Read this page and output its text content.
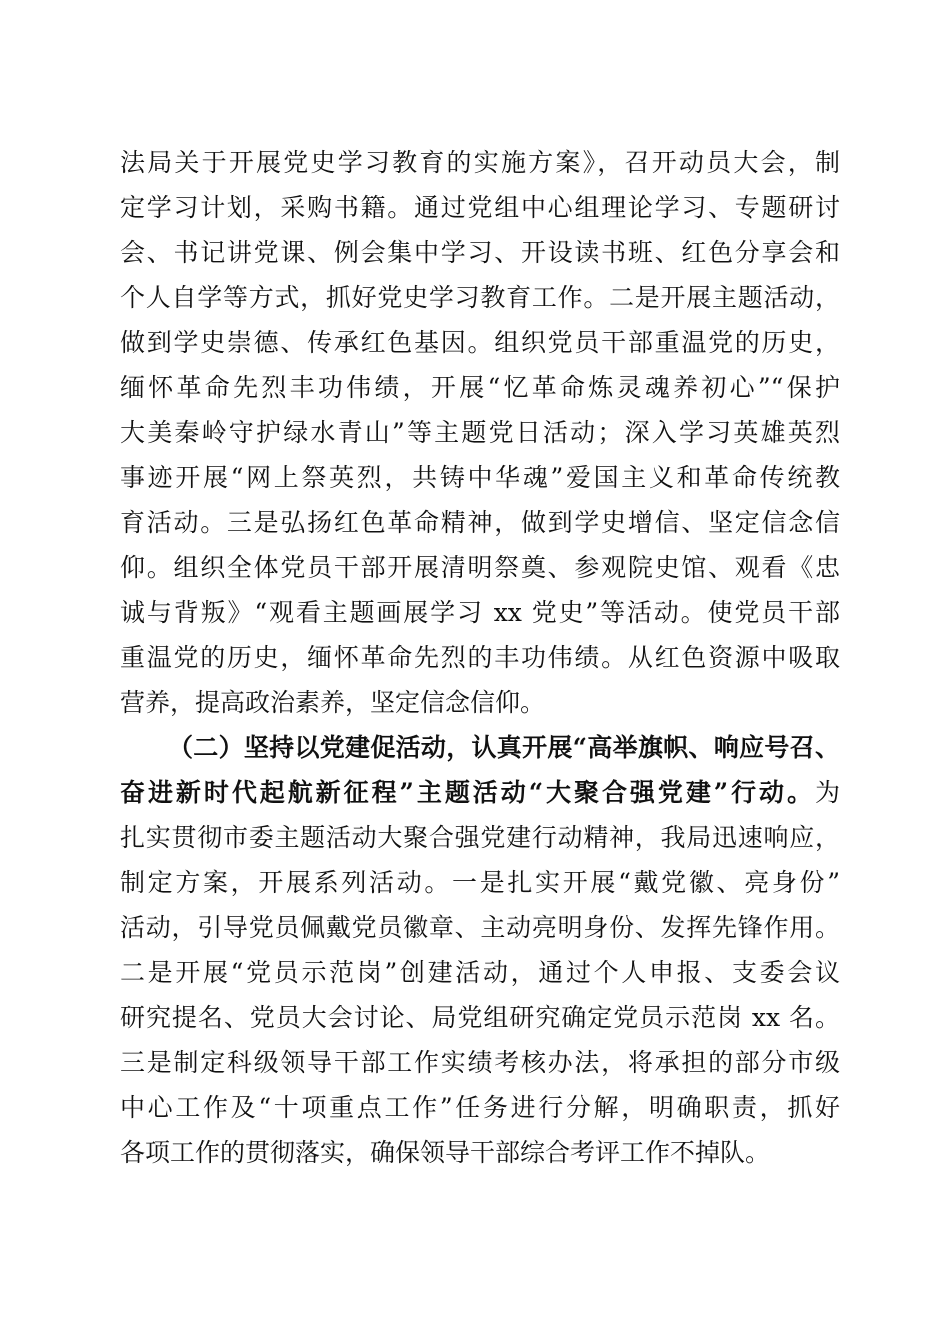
法局关于开展党史学习教育的实施方案》，召开动员大会，制
定学习计划，采购书籍。通过党组中心组理论学习、专题研讨
会、书记讲党课、例会集中学习、开设读书班、红色分享会和
个人自学等方式，抓好党史学习教育工作。二是开展主题活动，
做到学史崇德、传承红色基因。组织党员干部重温党的历史，
缅怀革命先烈丰功伟绩，开展“忆革命炼灵魂养初心”“保护
大美秦岭守护绿水青山”等主题党日活动；深入学习英雄英烈
事迹开展“网上祭英烈，共铸中华魂”爱国主义和革命传统教
育活动。三是弘扬红色革命精神，做到学史增信、坚定信念信
仰。组织全体党员干部开展清明祭奠、参观院史馆、观看《忠
诚与背叛》“观看主题画展学习 xx 党史”等活动。使党员干部
重温党的历史，缅怀革命先烈的丰功伟绩。从红色资源中吸取
营养，提高政治素养，坚定信念信仰。
（二）坚持以党建促活动，认真开展“高举旗帜、响应号召、
奋进新时代起航新征程”主题活动“大聚合强党建”行动。为
扎实贯彻市委主题活动大聚合强党建行动精神，我局迅速响应，
制定方案，开展系列活动。一是扎实开展“戴党徽、亮身份”
活动，引导党员佩戴党员徽章、主动亮明身份、发挥先锋作用。
二是开展“党员示范岗”创建活动，通过个人申报、支委会议
研究提名、党员大会讨论、局党组研究确定党员示范岗 xx 名。
三是制定科级领导干部工作实绩考核办法，将承担的部分市级
中心工作及“十项重点工作”任务进行分解，明确职责，抓好
各项工作的贯彻落实，确保领导干部综合考评工作不掉队。
